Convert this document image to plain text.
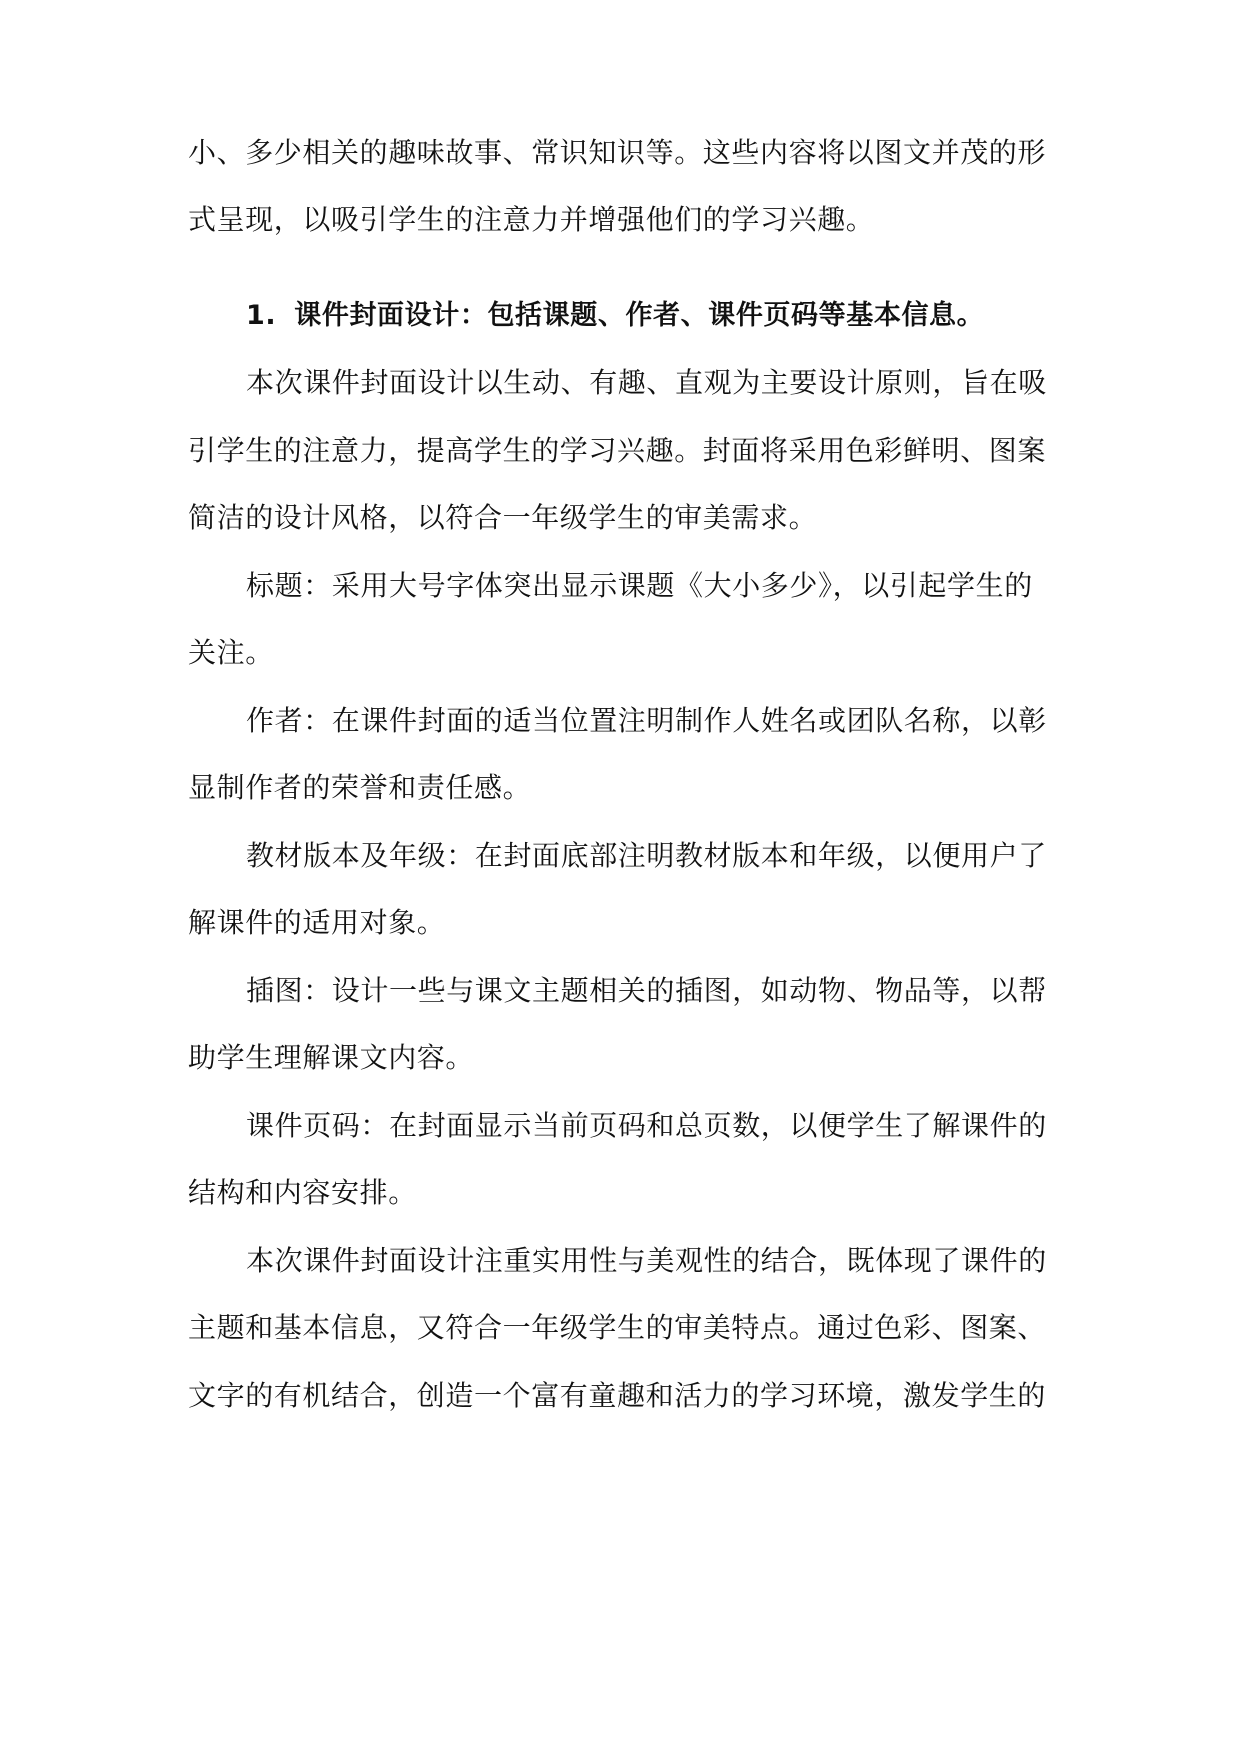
小、多少相关的趣味故事、常识知识等。这些内容将以图文并茂的形
式呈现，以吸引学生的注意力并增强他们的学习兴趣。
1. 课件封面设计：包括课题、作者、课件页码等基本信息。
本次课件封面设计以生动、有趣、直观为主要设计原则，旨在吸
引学生的注意力，提高学生的学习兴趣。封面将采用色彩鲜明、图案
简洁的设计风格，以符合一年级学生的审美需求。
标题：采用大号字体突出显示课题《大小多少》，以引起学生的
关注。
作者：在课件封面的适当位置注明制作人姓名或团队名称，以彰
显制作者的荣誉和责任感。
教材版本及年级：在封面底部注明教材版本和年级，以便用户了
解课件的适用对象。
插图：设计一些与课文主题相关的插图，如动物、物品等，以帮
助学生理解课文内容。
课件页码：在封面显示当前页码和总页数，以便学生了解课件的
结构和内容安排。
本次课件封面设计注重实用性与美观性的结合，既体现了课件的
主题和基本信息，又符合一年级学生的审美特点。通过色彩、图案、
文字的有机结合，创造一个富有童趣和活力的学习环境，激发学生的
